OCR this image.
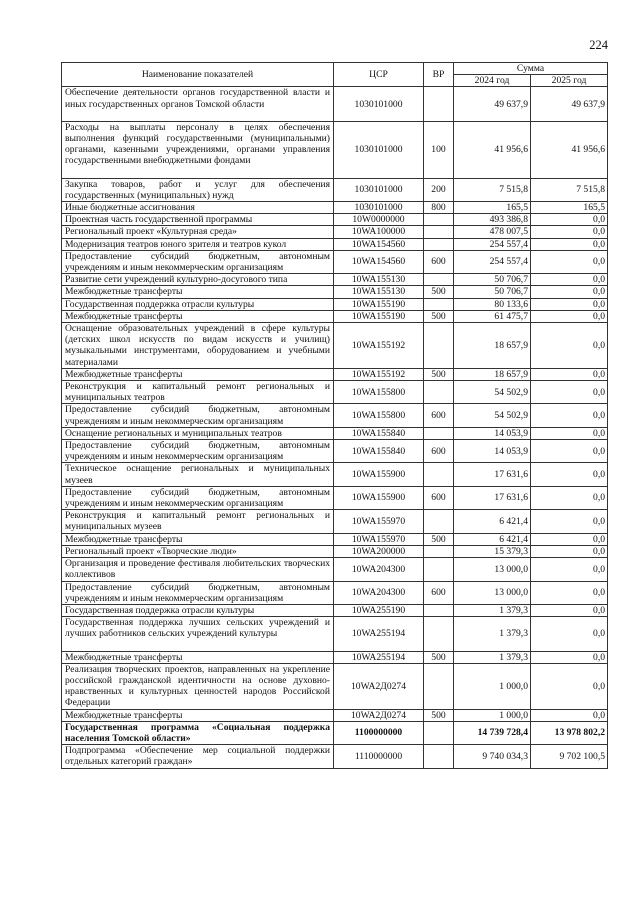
224
Наименование показателей	ЦСР	ВР	Сумма	
			2024 год	2025 год
Обеспечение деятельности органов государственной власти и иных государственных органов Томской области	1030101000		49 637,9	49 637,9
Расходы на выплаты персоналу в целях обеспечения выполнения функций государственными (муниципальными) органами, казенными учреждениями, органами управления государственными внебюджетными фондами	1030101000	100	41 956,6	41 956,6
Закупка товаров, работ и услуг для обеспечения государственных (муниципальных) нужд	1030101000	200	7 515,8	7 515,8
Иные бюджетные ассигнования	1030101000	800	165,5	165,5
Проектная часть государственной программы	10W0000000		493 386,8	0,0
Региональный проект «Культурная среда»	10WA100000		478 007,5	0,0
Модернизация театров юного зрителя и театров кукол	10WA154560		254 557,4	0,0
Предоставление субсидий бюджетным, автономным учреждениям и иным некоммерческим организациям	10WA154560	600	254 557,4	0,0
Развитие сети учреждений культурно-досугового типа	10WA155130		50 706,7	0,0
Межбюджетные трансферты	10WA155130	500	50 706,7	0,0
Государственная поддержка отрасли культуры	10WA155190		80 133,6	0,0
Межбюджетные трансферты	10WA155190	500	61 475,7	0,0
Оснащение образовательных учреждений в сфере культуры (детских школ искусств по видам искусств и училищ) музыкальными инструментами, оборудованием и учебными материалами	10WA155192		18 657,9	0,0
Межбюджетные трансферты	10WA155192	500	18 657,9	0,0
Реконструкция и капитальный ремонт региональных и муниципальных театров	10WA155800		54 502,9	0,0
Предоставление субсидий бюджетным, автономным учреждениям и иным некоммерческим организациям	10WA155800	600	54 502,9	0,0
Оснащение региональных и муниципальных театров	10WA155840		14 053,9	0,0
Предоставление субсидий бюджетным, автономным учреждениям и иным некоммерческим организациям	10WA155840	600	14 053,9	0,0
Техническое оснащение региональных и муниципальных музеев	10WA155900		17 631,6	0,0
Предоставление субсидий бюджетным, автономным учреждениям и иным некоммерческим организациям	10WA155900	600	17 631,6	0,0
Реконструкция и капитальный ремонт региональных и муниципальных музеев	10WA155970		6 421,4	0,0
Межбюджетные трансферты	10WA155970	500	6 421,4	0,0
Региональный проект «Творческие люди»	10WA200000		15 379,3	0,0
Организация и проведение фестиваля любительских творческих коллективов	10WA204300		13 000,0	0,0
Предоставление субсидий бюджетным, автономным учреждениям и иным некоммерческим организациям	10WA204300	600	13 000,0	0,0
Государственная поддержка отрасли культуры	10WA255190		1 379,3	0,0
Государственная поддержка лучших сельских учреждений и лучших работников сельских учреждений культуры	10WA255194		1 379,3	0,0
Межбюджетные трансферты	10WA255194	500	1 379,3	0,0
Реализация творческих проектов, направленных на укрепление российской гражданской идентичности на основе духовно-нравственных и культурных ценностей народов Российской Федерации	10WA2Д0274		1 000,0	0,0
Межбюджетные трансферты	10WA2Д0274	500	1 000,0	0,0
Государственная программа «Социальная поддержка населения Томской области»	1100000000		14 739 728,4	13 978 802,2
Подпрограмма «Обеспечение мер социальной поддержки отдельных категорий граждан»	1110000000		9 740 034,3	9 702 100,5
